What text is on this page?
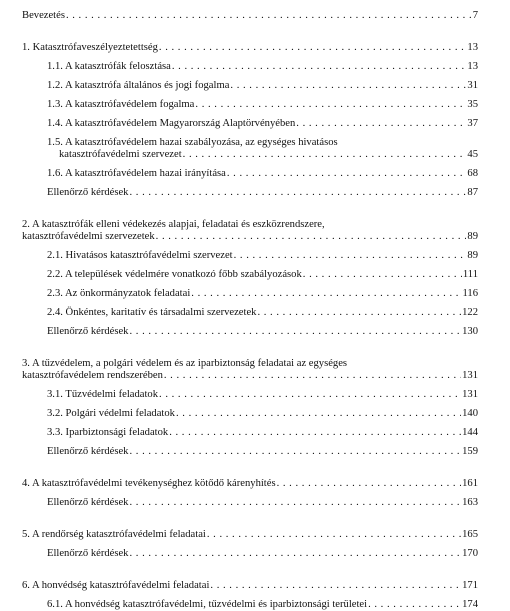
Bevezetés . . .	7
1. Katasztrófaveszélyeztetettség . . .	13
1.1. A katasztrófák felosztása . . .	13
1.2. A katasztrófa általános és jogi fogalma . . .	31
1.3. A katasztrófavédelem fogalma . . .	35
1.4. A katasztrófavédelem Magyarország Alaptörvényében . . .	37
1.5. A katasztrófavédelem hazai szabályozása, az egységes hivatásos
katasztrófavédelmi szervezet . . .	45
1.6. A katasztrófavédelem hazai irányítása . . .	68
Ellenőrző kérdések . . .	87
2. A katasztrófák elleni védekezés alapjai, feladatai és eszközrendszere,
katasztrófavédelmi szervezetek . . .	89
2.1. Hivatásos katasztrófavédelmi szervezet . . .	89
2.2. A települések védelmére vonatkozó főbb szabályozások . . .	111
2.3. Az önkormányzatok feladatai . . .	116
2.4. Önkéntes, karitatív és társadalmi szervezetek . . .	122
Ellenőrző kérdések . . .	130
3. A tűzvédelem, a polgári védelem és az iparbiztonság feladatai az egységes
katasztrófavédelem rendszerében . . .	131
3.1. Tűzvédelmi feladatok . . .	131
3.2. Polgári védelmi feladatok . . .	140
3.3. Iparbiztonsági feladatok . . .	144
Ellenőrző kérdések . . .	159
4. A katasztrófavédelmi tevékenységhez kötődő kárenyhítés . . .	161
Ellenőrző kérdések . . .	163
5. A rendőrség katasztrófavédelmi feladatai . . .	165
Ellenőrző kérdések . . .	170
6. A honvédség katasztrófavédelmi feladatai . . .	171
6.1. A honvédség katasztrófavédelmi, tűzvédelmi és iparbiztonsági területei . . .	174
